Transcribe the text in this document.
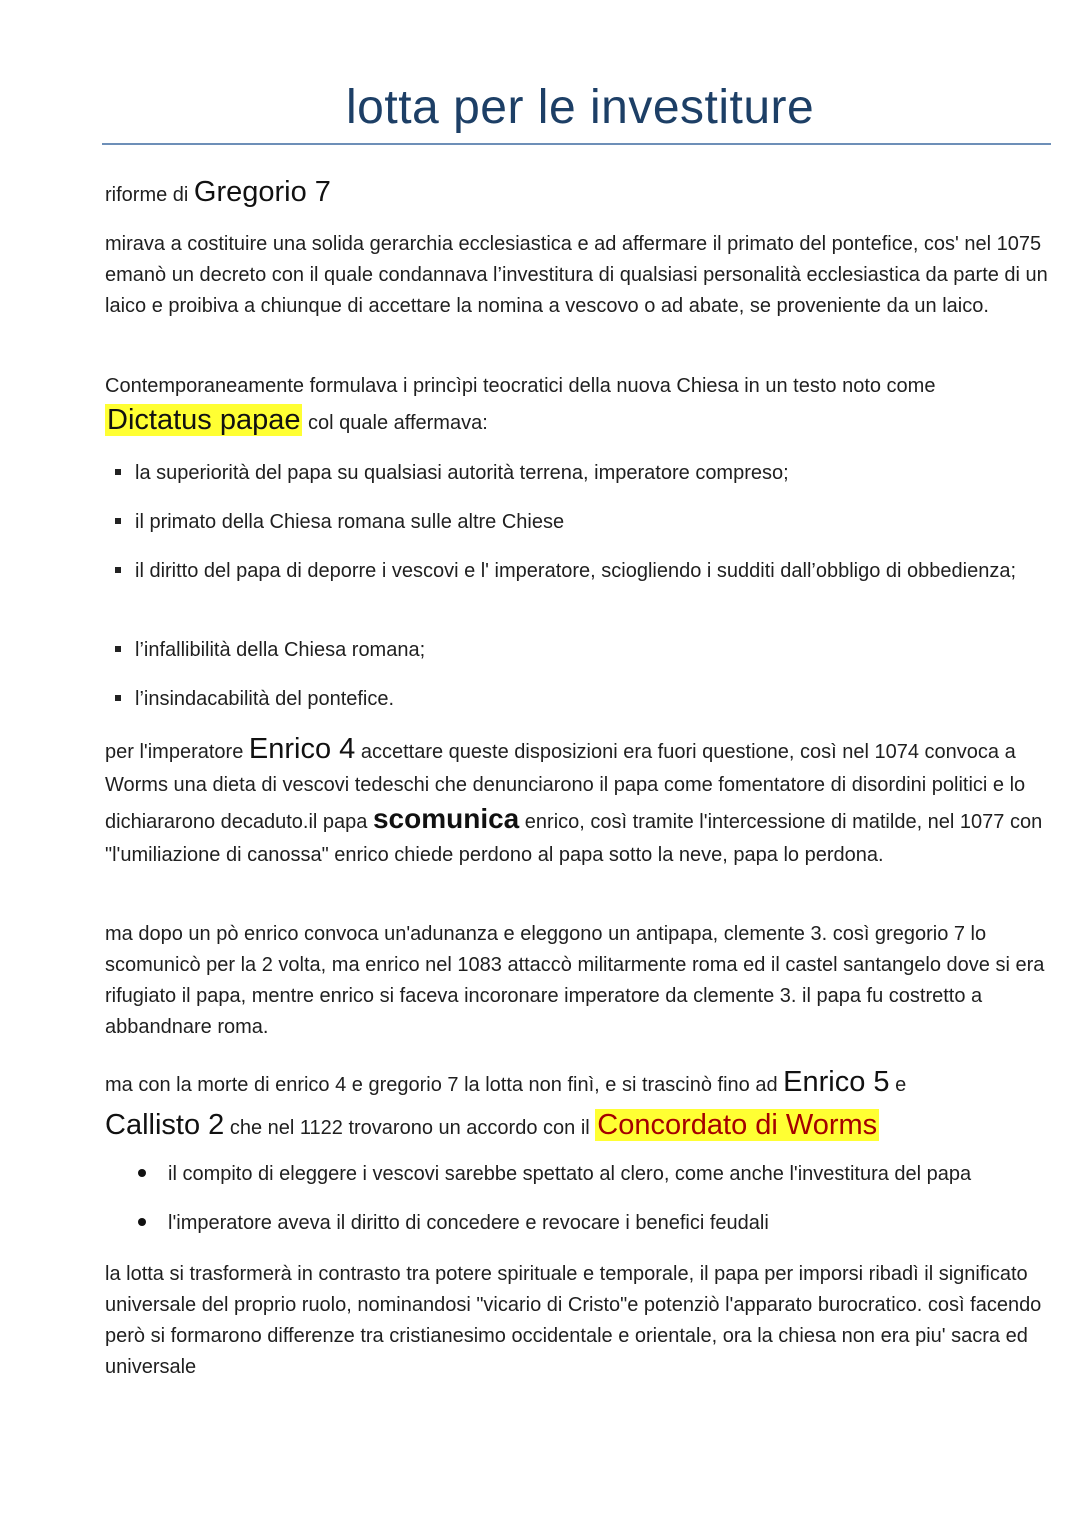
lotta per le investiture
riforme di Gregorio 7

mirava a costituire una solida gerarchia ecclesiastica e ad affermare il primato del pontefice, cos' nel 1075 emanò un decreto con il quale condannava l’investitura di qualsiasi personalità ecclesiastica da parte di un laico e proibiva a chiunque di accettare la nomina a vescovo o ad abate, se proveniente da un laico.

Contemporaneamente formulava i princìpi teocratici della nuova Chiesa in un testo noto come
Dictatus papae col quale affermava:
la superiorità del papa su qualsiasi autorità terrena, imperatore compreso;
il primato della Chiesa romana sulle altre Chiese
il diritto del papa di deporre i vescovi e l' imperatore, sciogliendo i sudditi dall’obbligo di obbedienza;
l’infallibilità della Chiesa romana;
l’insindacabilità del pontefice.

per l'imperatore Enrico 4 accettare queste disposizioni era fuori questione, così nel 1074 convoca a Worms una dieta di vescovi tedeschi che denunciarono il papa come fomentatore di disordini politici e lo dichiararono decaduto.il papa scomunica enrico, così tramite l'intercessione di matilde, nel 1077 con "l'umiliazione di canossa" enrico chiede perdono al papa sotto la neve, papa lo perdona.

ma dopo un pò enrico convoca un'adunanza e eleggono un antipapa, clemente 3. così gregorio 7 lo scomunicò per la 2 volta, ma enrico nel 1083 attaccò militarmente roma ed il castel santangelo dove si era rifugiato il papa, mentre enrico si faceva incoronare imperatore da clemente 3. il papa fu costretto a abbandnare roma.

ma con la morte di enrico 4 e gregorio 7 la lotta non finì, e si trascinò fino ad Enrico 5 e
Callisto 2 che nel 1122 trovarono un accordo con il Concordato di Worms
il compito di eleggere i vescovi sarebbe spettato al clero, come anche l'investitura del papa
l'imperatore aveva il diritto di concedere e revocare i benefici feudali

la lotta si trasformerà in contrasto tra potere spirituale e temporale, il papa per imporsi ribadì il significato universale del proprio ruolo, nominandosi "vicario di Cristo"e potenziò l'apparato burocratico. così facendo però si formarono differenze tra cristianesimo occidentale e orientale, ora la chiesa non era piu' sacra ed universale
